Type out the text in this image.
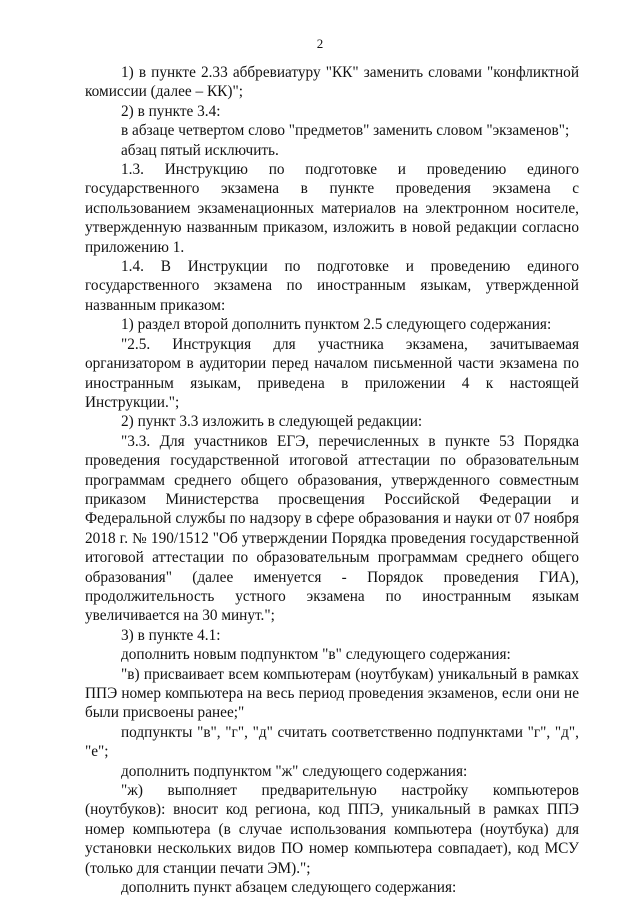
2

1) в пункте 2.33 аббревиатуру "КК" заменить словами "конфликтной комиссии (далее – КК)";

2) в пункте 3.4:

в абзаце четвертом слово "предметов" заменить словом "экзаменов";

абзац пятый исключить.

1.3. Инструкцию по подготовке и проведению единого государственного экзамена в пункте проведения экзамена с использованием экзаменационных материалов на электронном носителе, утвержденную названным приказом, изложить в новой редакции согласно приложению 1.

1.4. В Инструкции по подготовке и проведению единого государственного экзамена по иностранным языкам, утвержденной названным приказом:

1) раздел второй дополнить пунктом 2.5 следующего содержания:

"2.5. Инструкция для участника экзамена, зачитываемая организатором в аудитории перед началом письменной части экзамена по иностранным языкам, приведена в приложении 4 к настоящей Инструкции.";

2) пункт 3.3 изложить в следующей редакции:

"3.3. Для участников ЕГЭ, перечисленных в пункте 53 Порядка проведения государственной итоговой аттестации по образовательным программам среднего общего образования, утвержденного совместным приказом Министерства просвещения Российской Федерации и Федеральной службы по надзору в сфере образования и науки от 07 ноября 2018 г. № 190/1512 "Об утверждении Порядка проведения государственной итоговой аттестации по образовательным программам среднего общего образования" (далее именуется - Порядок проведения ГИА), продолжительность устного экзамена по иностранным языкам увеличивается на 30 минут.";

3) в пункте 4.1:

дополнить новым подпунктом "в" следующего содержания:

"в) присваивает всем компьютерам (ноутбукам) уникальный в рамках ППЭ номер компьютера на весь период проведения экзаменов, если они не были присвоены ранее;"

подпункты "в", "г", "д" считать соответственно подпунктами "г", "д", "е";

дополнить подпунктом "ж" следующего содержания:

"ж) выполняет предварительную настройку компьютеров (ноутбуков): вносит код региона, код ППЭ, уникальный в рамках ППЭ номер компьютера (в случае использования компьютера (ноутбука) для установки нескольких видов ПО номер компьютера совпадает), код МСУ (только для станции печати ЭМ).";

дополнить пункт абзацем следующего содержания:
